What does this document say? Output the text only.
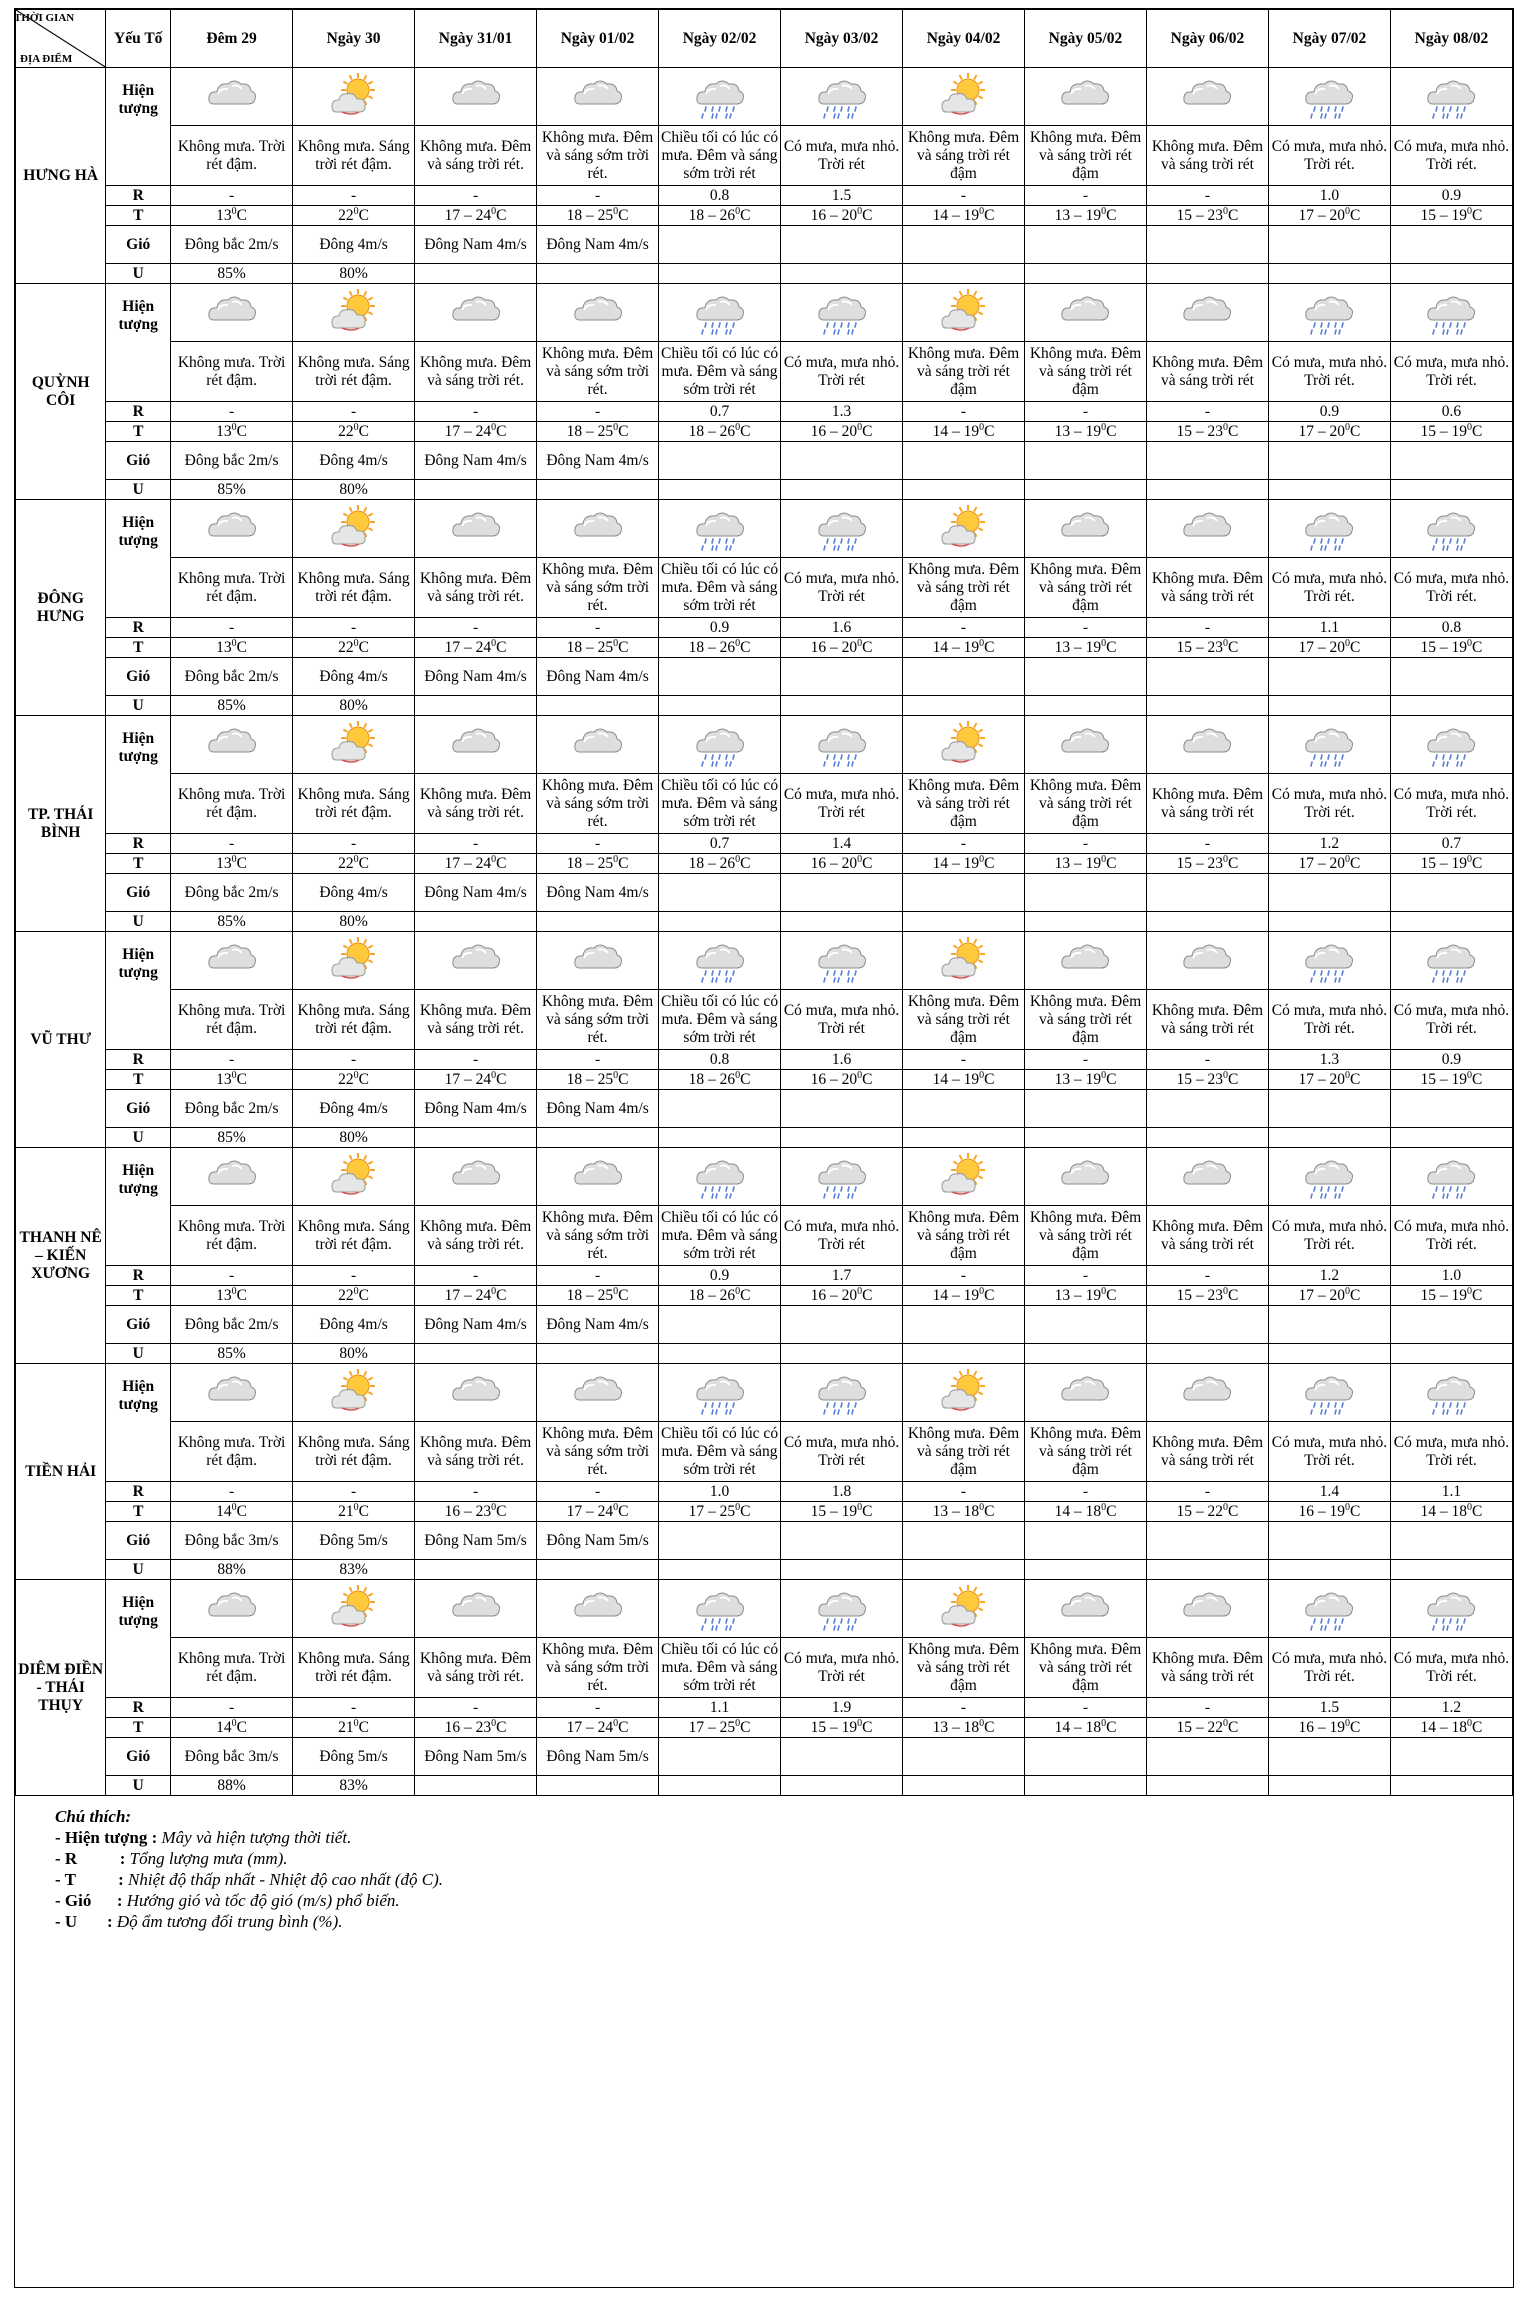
THỜI GIAN
ĐỊA ĐIỂM	Yếu Tố	Đêm 29	Ngày 30	Ngày 31/01	Ngày 01/02	Ngày 02/02	Ngày 03/02	Ngày 04/02	Ngày 05/02	Ngày 06/02	Ngày 07/02	Ngày 08/02
HƯNG HÀ	Hiện tượng	

		Không mưa. Trời rét đậm.	Không mưa. Sáng trời rét đậm.	Không mưa. Đêm và sáng trời rét.	Không mưa. Đêm và sáng sớm trời rét.	Chiều tối có lúc có mưa. Đêm và sáng sớm trời rét	Có mưa, mưa nhỏ. Trời rét	Không mưa. Đêm và sáng trời rét đậm	Không mưa. Đêm và sáng trời rét đậm	Không mưa. Đêm và sáng trời rét	Có mưa, mưa nhỏ. Trời rét.	Có mưa, mưa nhỏ. Trời rét.
	R	-	-	-	-	0.8	1.5	-	-	-	1.0	0.9
	T	$13^0C$	$22^0C$	$17 - 24^0C$	$18 - 25^0C$	$18 - 26^0C$	$16 - 20^0C$	$14 - 19^0C$	$13 - 19^0C$	$15 - 23^0C$	$17 - 20^0C$	$15 - 19^0C$
	Gió	Đông bắc 2m/s	Đông 4m/s	Đông Nam 4m/s	Đông Nam 4m/s							
	U	85%	80%									
QUỲNH CÔI	Hiện tượng	

		Không mưa. Trời rét đậm.	Không mưa. Sáng trời rét đậm.	Không mưa. Đêm và sáng trời rét.	Không mưa. Đêm và sáng sớm trời rét.	Chiều tối có lúc có mưa. Đêm và sáng sớm trời rét	Có mưa, mưa nhỏ. Trời rét	Không mưa. Đêm và sáng trời rét đậm	Không mưa. Đêm và sáng trời rét đậm	Không mưa. Đêm và sáng trời rét	Có mưa, mưa nhỏ. Trời rét.	Có mưa, mưa nhỏ. Trời rét.
	R	-	-	-	-	0.7	1.3	-	-	-	0.9	0.6
	T	$13^0C$	$22^0C$	$17 - 24^0C$	$18 - 25^0C$	$18 - 26^0C$	$16 - 20^0C$	$14 - 19^0C$	$13 - 19^0C$	$15 - 23^0C$	$17 - 20^0C$	$15 - 19^0C$
	Gió	Đông bắc 2m/s	Đông 4m/s	Đông Nam 4m/s	Đông Nam 4m/s							
	U	85%	80%									
ĐÔNG HƯNG	Hiện tượng	

		Không mưa. Trời rét đậm.	Không mưa. Sáng trời rét đậm.	Không mưa. Đêm và sáng trời rét.	Không mưa. Đêm và sáng sớm trời rét.	Chiều tối có lúc có mưa. Đêm và sáng sớm trời rét	Có mưa, mưa nhỏ. Trời rét	Không mưa. Đêm và sáng trời rét đậm	Không mưa. Đêm và sáng trời rét đậm	Không mưa. Đêm và sáng trời rét	Có mưa, mưa nhỏ. Trời rét.	Có mưa, mưa nhỏ. Trời rét.
	R	-	-	-	-	0.9	1.6	-	-	-	1.1	0.8
	T	$13^0C$	$22^0C$	$17 - 24^0C$	$18 - 25^0C$	$18 - 26^0C$	$16 - 20^0C$	$14 - 19^0C$	$13 - 19^0C$	$15 - 23^0C$	$17 - 20^0C$	$15 - 19^0C$
	Gió	Đông bắc 2m/s	Đông 4m/s	Đông Nam 4m/s	Đông Nam 4m/s							
	U	85%	80%									
TP. THÁI BÌNH	Hiện tượng	

		Không mưa. Trời rét đậm.	Không mưa. Sáng trời rét đậm.	Không mưa. Đêm và sáng trời rét.	Không mưa. Đêm và sáng sớm trời rét.	Chiều tối có lúc có mưa. Đêm và sáng sớm trời rét	Có mưa, mưa nhỏ. Trời rét	Không mưa. Đêm và sáng trời rét đậm	Không mưa. Đêm và sáng trời rét đậm	Không mưa. Đêm và sáng trời rét	Có mưa, mưa nhỏ. Trời rét.	Có mưa, mưa nhỏ. Trời rét.
	R	-	-	-	-	0.7	1.4	-	-	-	1.2	0.7
	T	$13^0C$	$22^0C$	$17 - 24^0C$	$18 - 25^0C$	$18 - 26^0C$	$16 - 20^0C$	$14 - 19^0C$	$13 - 19^0C$	$15 - 23^0C$	$17 - 20^0C$	$15 - 19^0C$
	Gió	Đông bắc 2m/s	Đông 4m/s	Đông Nam 4m/s	Đông Nam 4m/s							
	U	85%	80%									
VŨ THƯ	Hiện tượng	

		Không mưa. Trời rét đậm.	Không mưa. Sáng trời rét đậm.	Không mưa. Đêm và sáng trời rét.	Không mưa. Đêm và sáng sớm trời rét.	Chiều tối có lúc có mưa. Đêm và sáng sớm trời rét	Có mưa, mưa nhỏ. Trời rét	Không mưa. Đêm và sáng trời rét đậm	Không mưa. Đêm và sáng trời rét đậm	Không mưa. Đêm và sáng trời rét	Có mưa, mưa nhỏ. Trời rét.	Có mưa, mưa nhỏ. Trời rét.
	R	-	-	-	-	0.8	1.6	-	-	-	1.3	0.9
	T	$13^0C$	$22^0C$	$17 - 24^0C$	$18 - 25^0C$	$18 - 26^0C$	$16 - 20^0C$	$14 - 19^0C$	$13 - 19^0C$	$15 - 23^0C$	$17 - 20^0C$	$15 - 19^0C$
	Gió	Đông bắc 2m/s	Đông 4m/s	Đông Nam 4m/s	Đông Nam 4m/s							
	U	85%	80%									
THANH NÊ – KIẾN XƯƠNG	Hiện tượng	

		Không mưa. Trời rét đậm.	Không mưa. Sáng trời rét đậm.	Không mưa. Đêm và sáng trời rét.	Không mưa. Đêm và sáng sớm trời rét.	Chiều tối có lúc có mưa. Đêm và sáng sớm trời rét	Có mưa, mưa nhỏ. Trời rét	Không mưa. Đêm và sáng trời rét đậm	Không mưa. Đêm và sáng trời rét đậm	Không mưa. Đêm và sáng trời rét	Có mưa, mưa nhỏ. Trời rét.	Có mưa, mưa nhỏ. Trời rét.
	R	-	-	-	-	0.9	1.7	-	-	-	1.2	1.0
	T	$13^0C$	$22^0C$	$17 - 24^0C$	$18 - 25^0C$	$18 - 26^0C$	$16 - 20^0C$	$14 - 19^0C$	$13 - 19^0C$	$15 - 23^0C$	$17 - 20^0C$	$15 - 19^0C$
	Gió	Đông bắc 2m/s	Đông 4m/s	Đông Nam 4m/s	Đông Nam 4m/s							
	U	85%	80%									
TIỀN HẢI	Hiện tượng	

		Không mưa. Trời rét đậm.	Không mưa. Sáng trời rét đậm.	Không mưa. Đêm và sáng trời rét.	Không mưa. Đêm và sáng sớm trời rét.	Chiều tối có lúc có mưa. Đêm và sáng sớm trời rét	Có mưa, mưa nhỏ. Trời rét	Không mưa. Đêm và sáng trời rét đậm	Không mưa. Đêm và sáng trời rét đậm	Không mưa. Đêm và sáng trời rét	Có mưa, mưa nhỏ. Trời rét.	Có mưa, mưa nhỏ. Trời rét.
	R	-	-	-	-	1.0	1.8	-	-	-	1.4	1.1
	T	$14^0C$	$21^0C$	$16 - 23^0C$	$17 - 24^0C$	$17 - 25^0C$	$15 - 19^0C$	$13 - 18^0C$	$14 - 18^0C$	$15 - 22^0C$	$16 - 19^0C$	$14 - 18^0C$
	Gió	Đông bắc 3m/s	Đông 5m/s	Đông Nam 5m/s	Đông Nam 5m/s							
	U	88%	83%									
DIÊM ĐIỀN - THÁI THỤY	Hiện tượng	

		Không mưa. Trời rét đậm.	Không mưa. Sáng trời rét đậm.	Không mưa. Đêm và sáng trời rét.	Không mưa. Đêm và sáng sớm trời rét.	Chiều tối có lúc có mưa. Đêm và sáng sớm trời rét	Có mưa, mưa nhỏ. Trời rét	Không mưa. Đêm và sáng trời rét đậm	Không mưa. Đêm và sáng trời rét đậm	Không mưa. Đêm và sáng trời rét	Có mưa, mưa nhỏ. Trời rét.	Có mưa, mưa nhỏ. Trời rét.
	R	-	-	-	-	1.1	1.9	-	-	-	1.5	1.2
	T	$14^0C$	$21^0C$	$16 - 23^0C$	$17 - 24^0C$	$17 - 25^0C$	$15 - 19^0C$	$13 - 18^0C$	$14 - 18^0C$	$15 - 22^0C$	$16 - 19^0C$	$14 - 18^0C$
	Gió	Đông bắc 3m/s	Đông 5m/s	Đông Nam 5m/s	Đông Nam 5m/s							
	U	88%	83%									
Chú thích:
- Hiện tượng : Mây và hiện tượng thời tiết.
- R          : Tổng lượng mưa (mm).
- T          : Nhiệt độ thấp nhất - Nhiệt độ cao nhất (độ C).
- Gió      : Hướng gió và tốc độ gió (m/s) phổ biến.
- U       : Độ ẩm tương đối trung bình (%).
